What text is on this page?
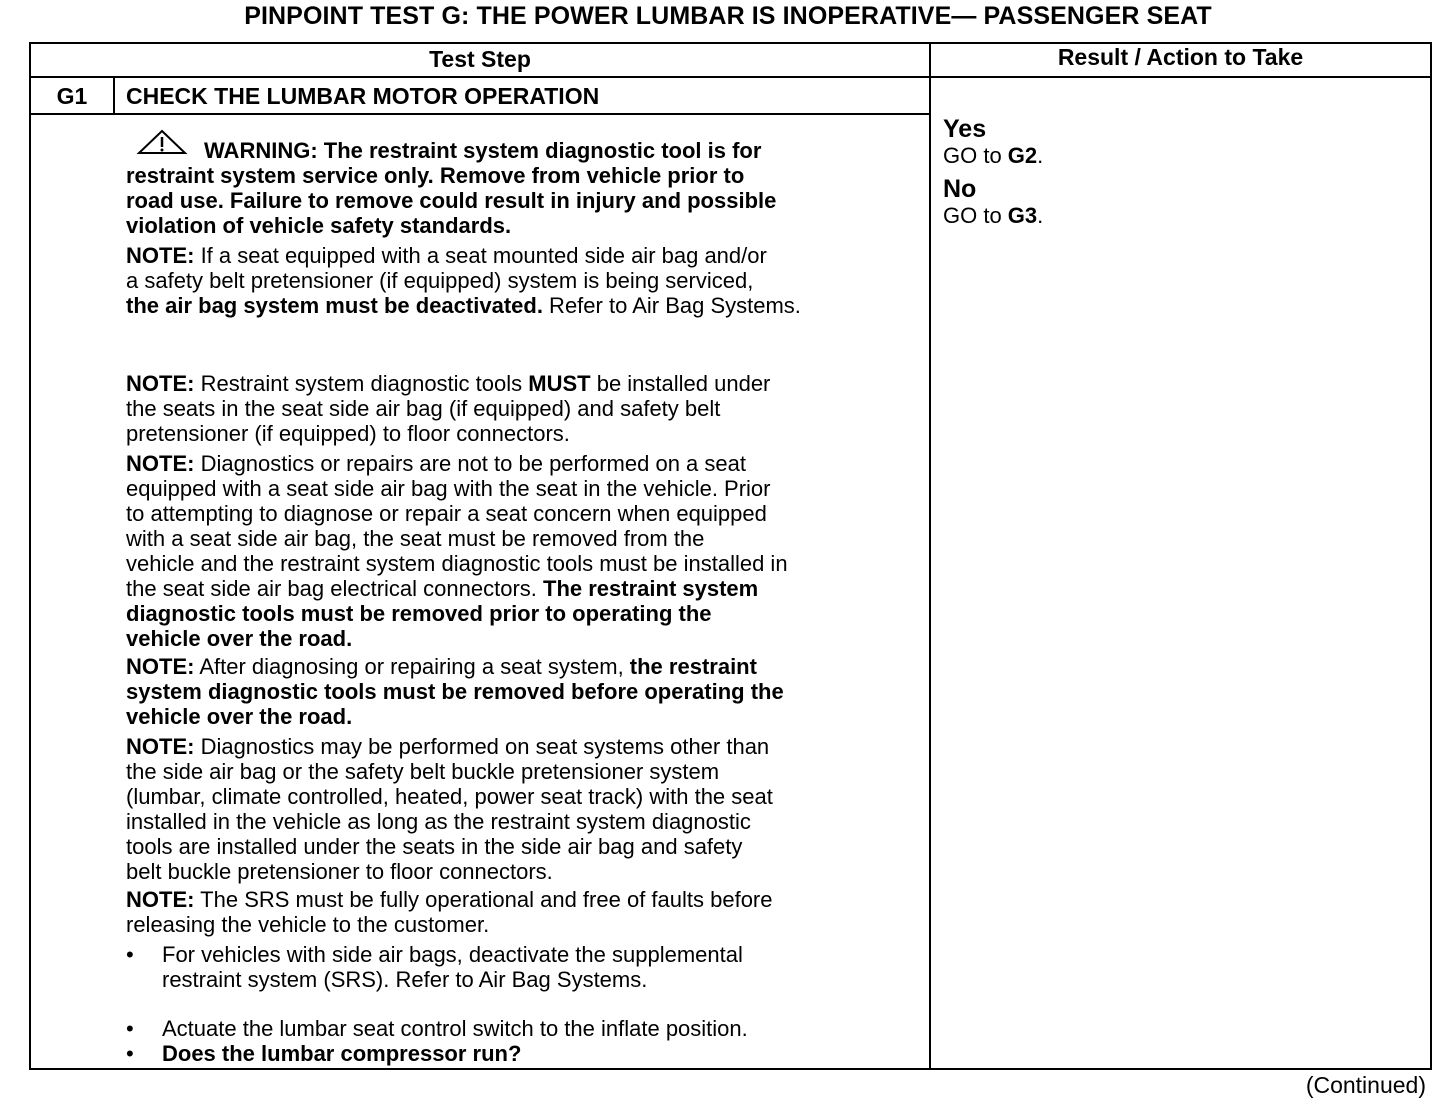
PINPOINT TEST G: THE POWER LUMBAR IS INOPERATIVE— PASSENGER SEAT
Test Step	Result / Action to Take
G1	CHECK THE LUMBAR MOTOR OPERATION
WARNING: The restraint system diagnostic tool is for
restraint system service only. Remove from vehicle prior to
road use. Failure to remove could result in injury and possible
violation of vehicle safety standards.
NOTE: If a seat equipped with a seat mounted side air bag and/or
a safety belt pretensioner (if equipped) system is being serviced,
the air bag system must be deactivated. Refer to Air Bag Systems.
NOTE: Restraint system diagnostic tools MUST be installed under
the seats in the seat side air bag (if equipped) and safety belt
pretensioner (if equipped) to floor connectors.
NOTE: Diagnostics or repairs are not to be performed on a seat
equipped with a seat side air bag with the seat in the vehicle. Prior
to attempting to diagnose or repair a seat concern when equipped
with a seat side air bag, the seat must be removed from the
vehicle and the restraint system diagnostic tools must be installed in
the seat side air bag electrical connectors. The restraint system
diagnostic tools must be removed prior to operating the
vehicle over the road.
NOTE: After diagnosing or repairing a seat system, the restraint
system diagnostic tools must be removed before operating the
vehicle over the road.
NOTE: Diagnostics may be performed on seat systems other than
the side air bag or the safety belt buckle pretensioner system
(lumbar, climate controlled, heated, power seat track) with the seat
installed in the vehicle as long as the restraint system diagnostic
tools are installed under the seats in the side air bag and safety
belt buckle pretensioner to floor connectors.
NOTE: The SRS must be fully operational and free of faults before
releasing the vehicle to the customer.
• For vehicles with side air bags, deactivate the supplemental
restraint system (SRS). Refer to Air Bag Systems.
• Actuate the lumbar seat control switch to the inflate position.
• Does the lumbar compressor run?
Yes
GO to G2.
No
GO to G3.
(Continued)
